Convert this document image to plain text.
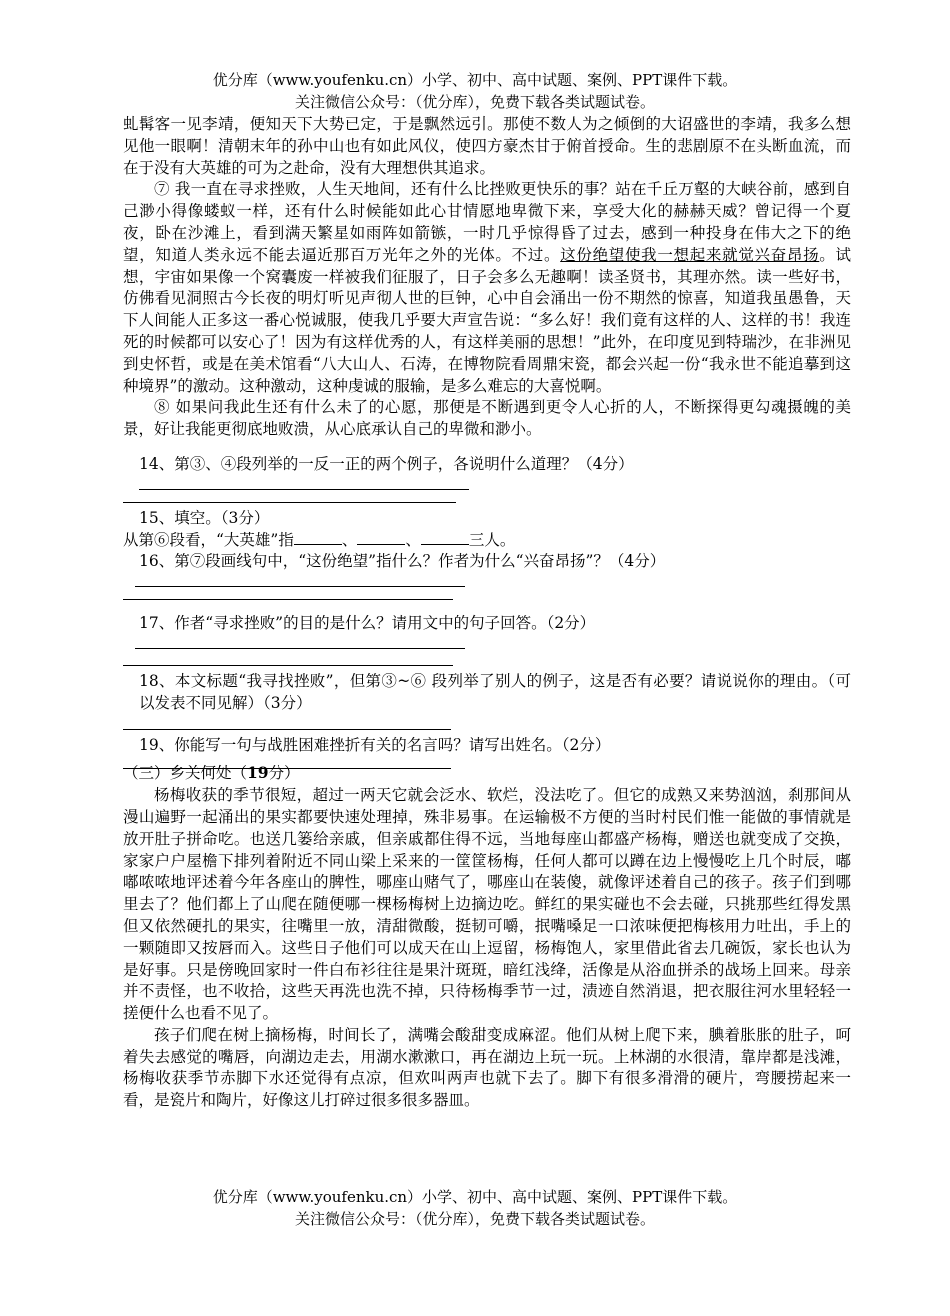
优分库（www.youfenku.cn）小学、初中、高中试题、案例、PPT课件下载。
关注微信公众号：（优分库），免费下载各类试题试卷。

虬髯客一见李靖，便知天下大势已定，于是飘然远引。那使不数人为之倾倒的大诏盛世的李靖，我多么想见他一眼啊！清朝末年的孙中山也有如此风仪，使四方豪杰甘于俯首授命。生的悲剧原不在头断血流，而在于没有大英雄的可为之赴命，没有大理想供其追求。

⑦ 我一直在寻求挫败，人生天地间，还有什么比挫败更快乐的事？站在千丘万壑的大峡谷前，感到自己渺小得像蝼蚁一样，还有什么时候能如此心甘情愿地卑微下来，享受大化的赫赫天威？曾记得一个夏夜，卧在沙滩上，看到满天繁星如雨阵如箭镞，一时几乎惊得昏了过去，感到一种投身在伟大之下的绝望，知道人类永远不能去逼近那百万光年之外的光体。不过。这份绝望使我一想起来就觉兴奋昂扬。试想，宇宙如果像一个窝囊废一样被我们征服了，日子会多么无趣啊！读圣贤书，其理亦然。读一些好书，仿佛看见洞照古今长夜的明灯听见声彻人世的巨钟，心中自会涌出一份不期然的惊喜，知道我虽愚鲁，天下人间能人正多这一番心悦诚服，使我几乎要大声宣告说：“多么好！我们竟有这样的人、这样的书！我连死的时候都可以安心了！因为有这样优秀的人，有这样美丽的思想！”此外，在印度见到特瑞沙，在非洲见到史怀哲，或是在美术馆看“八大山人、石涛，在博物院看周鼎宋瓷，都会兴起一份“我永世不能追摹到这种境界”的激动。这种激动，这种虔诚的服输，是多么难忘的大喜悦啊。

⑧ 如果问我此生还有什么未了的心愿，那便是不断遇到更令人心折的人，不断探得更勾魂摄魄的美景，好让我能更彻底地败溃，从心底承认自己的卑微和渺小。

14、第③、④段列举的一反一正的两个例子，各说明什么道理？（4分）

15、填空。（3分）

从第⑥段看，“大英雄”指	、	、	三人。

16、第⑦段画线句中，“这份绝望”指什么？作者为什么“兴奋昂扬”？（4分）

17、作者“寻求挫败”的目的是什么？请用文中的句子回答。（2分）

18、本文标题“我寻找挫败”，但第③~⑥ 段列举了别人的例子，这是否有必要？请说说你的理由。（可以发表不同见解）（3分）

19、你能写一句与战胜困难挫折有关的名言吗？请写出姓名。（2分）

（三）乡关何处（19分）

杨梅收获的季节很短，超过一两天它就会泛水、软烂，没法吃了。但它的成熟又来势汹汹，刹那间从漫山遍野一起涌出的果实都要快速处理掉，殊非易事。在运输极不方便的当时村民们惟一能做的事情就是放开肚子拼命吃。也送几篓给亲戚，但亲戚都住得不远，当地每座山都盛产杨梅，赠送也就变成了交换，家家户户屋檐下排列着附近不同山梁上采来的一筐筐杨梅，任何人都可以蹲在边上慢慢吃上几个时辰，嘟嘟哝哝地评述着今年各座山的脾性，哪座山赌气了，哪座山在装傻，就像评述着自己的孩子。孩子们到哪里去了？他们都上了山爬在随便哪一棵杨梅树上边摘边吃。鲜红的果实碰也不会去碰，只挑那些红得发黑但又依然硬扎的果实，往嘴里一放，清甜微酸，挺韧可嚼，抿嘴嗓足一口浓味便把梅核用力吐出，手上的一颗随即又按唇而入。这些日子他们可以成天在山上逗留，杨梅饱人，家里借此省去几碗饭，家长也认为是好事。只是傍晚回家时一件白布衫往往是果汁斑斑，暗红浅绛，活像是从浴血拼杀的战场上回来。母亲并不责怪，也不收拾，这些天再洗也洗不掉，只待杨梅季节一过，渍迹自然消退，把衣服往河水里轻轻一搓便什么也看不见了。

孩子们爬在树上摘杨梅，时间长了，满嘴会酸甜变成麻涩。他们从树上爬下来，腆着胀胀的肚子，呵着失去感觉的嘴唇，向湖边走去，用湖水漱漱口，再在湖边上玩一玩。上林湖的水很清，靠岸都是浅滩，杨梅收获季节赤脚下水还觉得有点凉，但欢叫两声也就下去了。脚下有很多滑滑的硬片，弯腰捞起来一看，是瓷片和陶片，好像这儿打碎过很多很多器皿。

优分库（www.youfenku.cn）小学、初中、高中试题、案例、PPT课件下载。
关注微信公众号：（优分库），免费下载各类试题试卷。
